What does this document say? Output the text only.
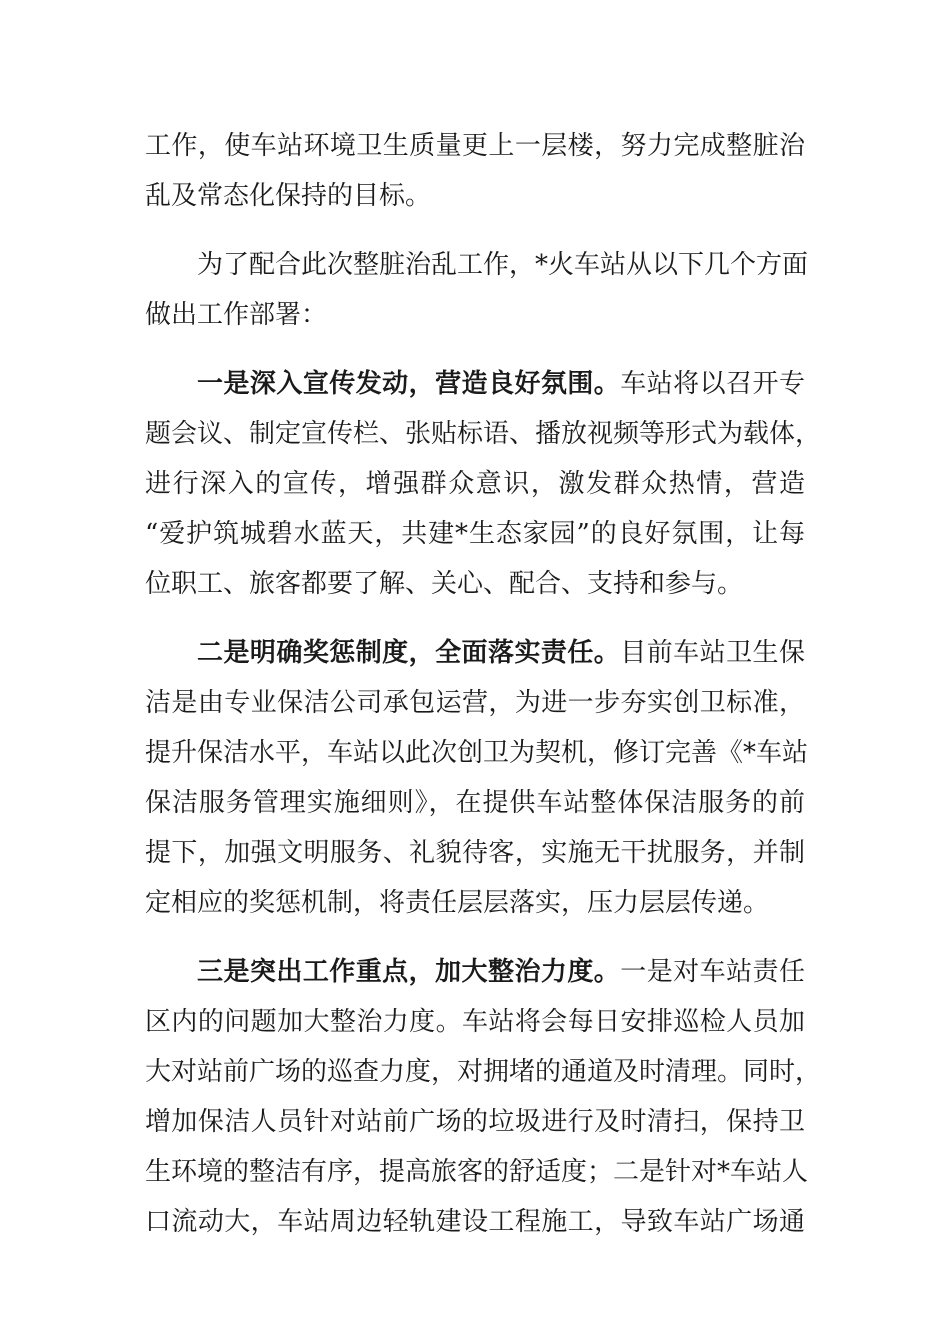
工作，使车站环境卫生质量更上一层楼，努力完成整脏治
乱及常态化保持的目标。
为了配合此次整脏治乱工作，*火车站从以下几个方面
做出工作部署：
一是深入宣传发动，营造良好氛围。车站将以召开专
题会议、制定宣传栏、张贴标语、播放视频等形式为载体，
进行深入的宣传，增强群众意识，激发群众热情，营造
“爱护筑城碧水蓝天，共建*生态家园”的良好氛围，让每
位职工、旅客都要了解、关心、配合、支持和参与。
二是明确奖惩制度，全面落实责任。目前车站卫生保
洁是由专业保洁公司承包运营，为进一步夯实创卫标准，
提升保洁水平，车站以此次创卫为契机，修订完善《*车站
保洁服务管理实施细则》，在提供车站整体保洁服务的前
提下，加强文明服务、礼貌待客，实施无干扰服务，并制
定相应的奖惩机制，将责任层层落实，压力层层传递。
三是突出工作重点，加大整治力度。一是对车站责任
区内的问题加大整治力度。车站将会每日安排巡检人员加
大对站前广场的巡查力度，对拥堵的通道及时清理。同时，
增加保洁人员针对站前广场的垃圾进行及时清扫，保持卫
生环境的整洁有序，提高旅客的舒适度；二是针对*车站人
口流动大，车站周边轻轨建设工程施工，导致车站广场通
